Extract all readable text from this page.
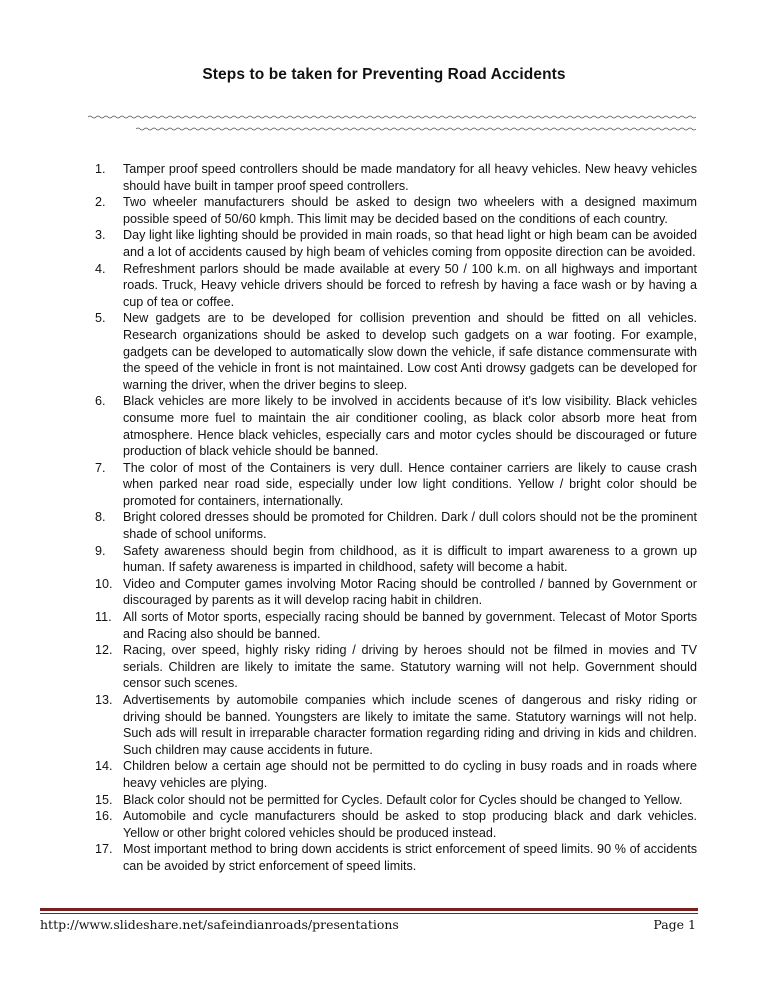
Steps to be taken for Preventing Road Accidents
1.	Tamper proof speed controllers should be made mandatory for all heavy vehicles. New heavy vehicles should have built in tamper proof speed controllers.
2.	Two wheeler manufacturers should be asked to design two wheelers with a designed maximum possible speed of 50/60 kmph. This limit may be decided based on the conditions of each country.
3.	Day light like lighting should be provided in main roads, so that head light or high beam can be avoided and a lot of accidents caused by high beam of vehicles coming from opposite direction can be avoided.
4.	Refreshment parlors should be made available at every 50 / 100 k.m. on all highways and important roads. Truck, Heavy vehicle drivers should be forced to refresh by having a face wash or by having a cup of tea or coffee.
5.	New gadgets are to be developed for collision prevention and should be fitted on all vehicles. Research organizations should be asked to develop such gadgets on a war footing. For example, gadgets can be developed to automatically slow down the vehicle, if safe distance commensurate with the speed of the vehicle in front is not maintained. Low cost Anti drowsy gadgets can be developed for warning the driver, when the driver begins to sleep.
6.	Black vehicles are more likely to be involved in accidents because of it's low visibility. Black vehicles consume more fuel to maintain the air conditioner cooling, as black color absorb more heat from atmosphere. Hence black vehicles, especially cars and motor cycles should be discouraged or future production of black vehicle should be banned.
7.	The color of most of the Containers is very dull. Hence container carriers are likely to cause crash when parked near road side, especially under low light conditions. Yellow / bright color should be promoted for containers, internationally.
8.	Bright colored dresses should be promoted for Children. Dark / dull colors should not be the prominent shade of school uniforms.
9.	Safety awareness should begin from childhood, as it is difficult to impart awareness to a grown up human. If safety awareness is imparted in childhood, safety will become a habit.
10. Video and Computer games involving Motor Racing should be controlled / banned by Government or discouraged by parents as it will develop racing habit in children.
11. All sorts of Motor sports, especially racing should be banned by government. Telecast of Motor Sports and Racing also should be banned.
12. Racing, over speed, highly risky riding / driving by heroes should not be filmed in movies and TV serials. Children are likely to imitate the same. Statutory warning will not help. Government should censor such scenes.
13. Advertisements by automobile companies which include scenes of dangerous and risky riding or driving should be banned. Youngsters are likely to imitate the same. Statutory warnings will not help. Such ads will result in irreparable character formation regarding riding and driving in kids and children. Such children may cause accidents in future.
14. Children below a certain age should not be permitted to do cycling in busy roads and in roads where heavy vehicles are plying.
15. Black color should not be permitted for Cycles. Default color for Cycles should be changed to Yellow.
16. Automobile and cycle manufacturers should be asked to stop producing black and dark vehicles. Yellow or other bright colored vehicles should be produced instead.
17. Most important method to bring down accidents is strict enforcement of speed limits. 90 % of accidents can be avoided by strict enforcement of speed limits.
http://www.slideshare.net/safeindianroads/presentations	Page 1
